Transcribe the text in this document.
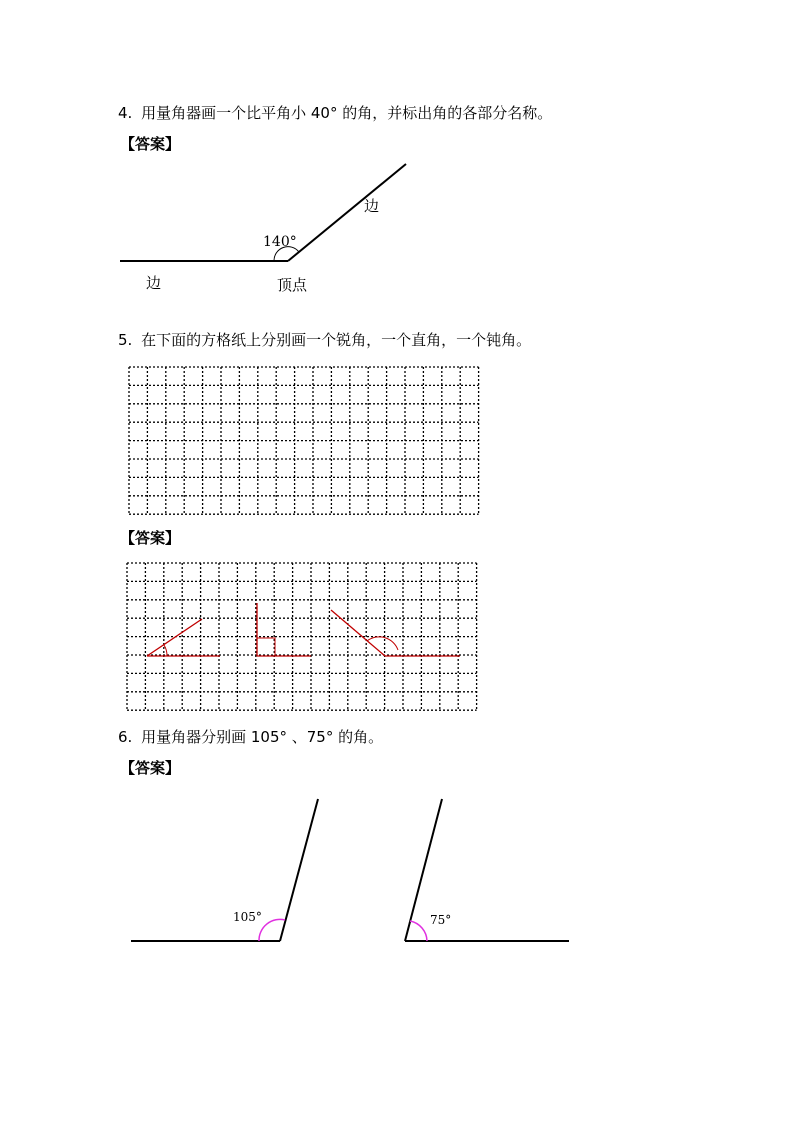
4. 用量角器画一个比平角小 40° 的角，并标出角的各部分名称。
【答案】
140°
边
边	顶点
5. 在下面的方格纸上分别画一个锐角，一个直角，一个钝角。
【答案】
6. 用量角器分别画 105° 、75° 的角。
【答案】
105°	75°
